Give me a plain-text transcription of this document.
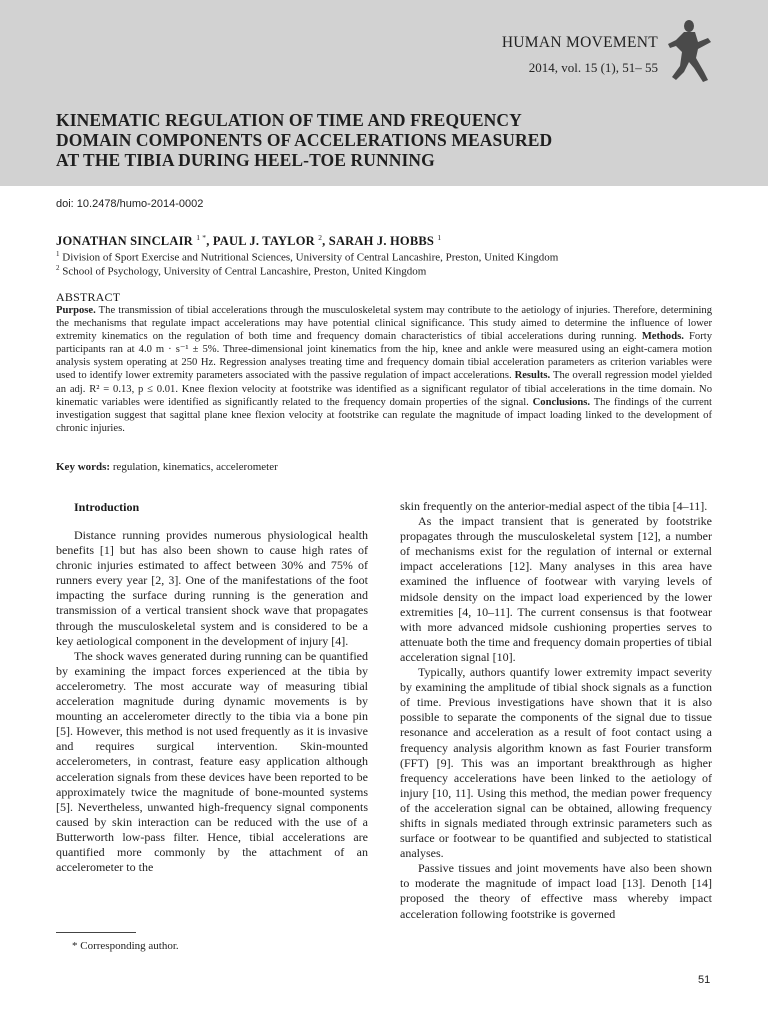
HUMAN MOVEMENT
2014, vol. 15 (1), 51– 55
KINEMATIC REGULATION OF TIME AND FREQUENCY
DOMAIN COMPONENTS OF ACCELERATIONS MEASURED
AT THE TIBIA DURING HEEL-TOE RUNNING
doi: 10.2478/humo-2014-0002
JONATHAN SINCLAIR $^{1 *}$, PAUL J. TAYLOR $^2$, SARAH J. HOBBS $^1$
$^1$ Division of Sport Exercise and Nutritional Sciences, University of Central Lancashire, Preston, United Kingdom
$^2$ School of Psychology, University of Central Lancashire, Preston, United Kingdom
ABSTRACT
Purpose. The transmission of tibial accelerations through the musculoskeletal system may contribute to the aetiology of injuries. Therefore, determining the mechanisms that regulate impact accelerations may have potential clinical significance. This study aimed to determine the influence of lower extremity kinematics on the regulation of both time and frequency domain characteristics of tibial accelerations during running. Methods. Forty participants ran at 4.0 m · s⁻¹ ± 5%. Three-dimensional joint kinematics from the hip, knee and ankle were measured using an eight-camera motion analysis system operating at 250 Hz. Regression analyses treating time and frequency domain tibial acceleration parameters as criterion variables were used to identify lower extremity parameters associated with the passive regulation of impact accelerations. Results. The overall regression model yielded an adj. R² = 0.13, p ≤ 0.01. Knee flexion velocity at footstrike was identified as a significant regulator of tibial accelerations in the time domain. No kinematic variables were identified as significantly related to the frequency domain properties of the signal. Conclusions. The findings of the current investigation suggest that sagittal plane knee flexion velocity at footstrike can regulate the magnitude of impact loading linked to the development of chronic injuries.
Key words: regulation, kinematics, accelerometer
Introduction

Distance running provides numerous physiological health benefits [1] but has also been shown to cause high rates of chronic injuries estimated to affect between 30% and 75% of runners every year [2, 3]. One of the manifestations of the foot impacting the surface during running is the generation and transmission of a vertical transient shock wave that propagates through the musculoskeletal system and is considered to be a key aetiological component in the development of injury [4].

The shock waves generated during running can be quantified by examining the impact forces experienced at the tibia by accelerometry. The most accurate way of measuring tibial acceleration magnitude during dynamic movements is by mounting an accelerometer directly to the tibia via a bone pin [5]. However, this method is not used frequently as it is invasive and requires surgical intervention. Skin-mounted accelerometers, in contrast, feature easy application although acceleration signals from these devices have been reported to be approximately twice the magnitude of bone-mounted systems [5]. Nevertheless, unwanted high-frequency signal components caused by skin interaction can be reduced with the use of a Butterworth low-pass filter. Hence, tibial accelerations are quantified more commonly by the attachment of an accelerometer to the

skin frequently on the anterior-medial aspect of the tibia [4–11].

As the impact transient that is generated by footstrike propagates through the musculoskeletal system [12], a number of mechanisms exist for the regulation of internal or external impact accelerations [12]. Many analyses in this area have examined the influence of footwear with varying levels of midsole density on the impact load experienced by the lower extremities [4, 10–11]. The current consensus is that footwear with more advanced midsole cushioning properties serves to attenuate both the time and frequency domain properties of tibial acceleration signal [10].

Typically, authors quantify lower extremity impact severity by examining the amplitude of tibial shock signals as a function of time. Previous investigations have shown that it is also possible to separate the components of the signal due to tissue resonance and acceleration as a result of foot contact using a frequency analysis algorithm known as fast Fourier transform (FFT) [9]. This was an important breakthrough as higher frequency accelerations have been linked to the aetiology of injury [10, 11]. Using this method, the median power frequency of the acceleration signal can be obtained, allowing frequency shifts in signals mediated through extrinsic parameters such as surface or footwear to be quantified and subjected to statistical analyses.

Passive tissues and joint movements have also been shown to moderate the magnitude of impact load [13]. Denoth [14] proposed the theory of effective mass whereby impact acceleration following footstrike is governed

* Corresponding author.
51
